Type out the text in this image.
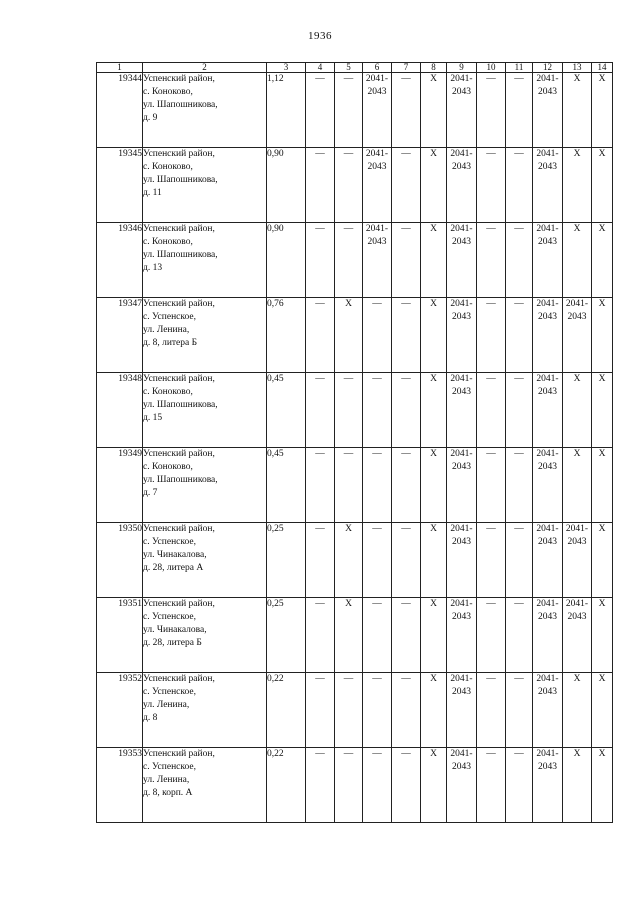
1936
1	2	3	4	5	6	7	8	9	10	11	12	13	14
19344	Успенский район,
с. Коноково,
ул. Шапошникова,
д. 9	1,12	—	—	2041-
2043	—	X	2041-
2043	—	—	2041-
2043	X	X
19345	Успенский район,
с. Коноково,
ул. Шапошникова,
д. 11	0,90	—	—	2041-
2043	—	X	2041-
2043	—	—	2041-
2043	X	X
19346	Успенский район,
с. Коноково,
ул. Шапошникова,
д. 13	0,90	—	—	2041-
2043	—	X	2041-
2043	—	—	2041-
2043	X	X
19347	Успенский район,
с. Успенское,
ул. Ленина,
д. 8, литера Б	0,76	—	X	—	—	X	2041-
2043	—	—	2041-
2043	2041-
2043	X
19348	Успенский район,
с. Коноково,
ул. Шапошникова,
д. 15	0,45	—	—	—	—	X	2041-
2043	—	—	2041-
2043	X	X
19349	Успенский район,
с. Коноково,
ул. Шапошникова,
д. 7	0,45	—	—	—	—	X	2041-
2043	—	—	2041-
2043	X	X
19350	Успенский район,
с. Успенское,
ул. Чинакалова,
д. 28, литера А	0,25	—	X	—	—	X	2041-
2043	—	—	2041-
2043	2041-
2043	X
19351	Успенский район,
с. Успенское,
ул. Чинакалова,
д. 28, литера Б	0,25	—	X	—	—	X	2041-
2043	—	—	2041-
2043	2041-
2043	X
19352	Успенский район,
с. Успенское,
ул. Ленина,
д. 8	0,22	—	—	—	—	X	2041-
2043	—	—	2041-
2043	X	X
19353	Успенский район,
с. Успенское,
ул. Ленина,
д. 8, корп. А	0,22	—	—	—	—	X	2041-
2043	—	—	2041-
2043	X	X
